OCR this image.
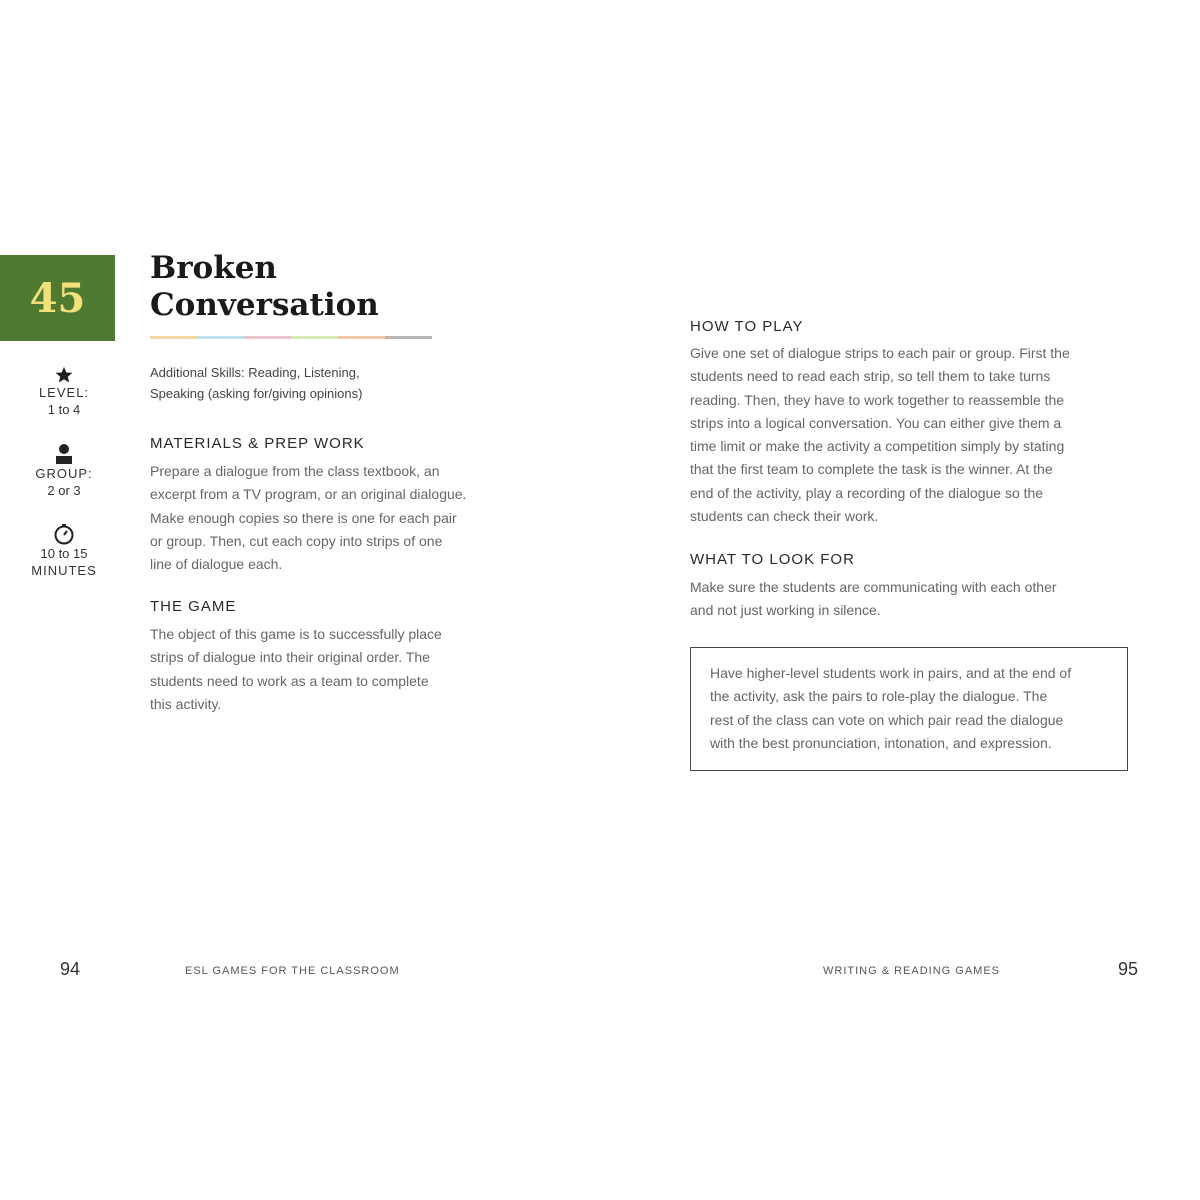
45
LEVEL:
1 to 4
GROUP:
2 or 3
10 to 15
MINUTES
Broken
Conversation
Additional Skills: Reading, Listening,
Speaking (asking for/giving opinions)
MATERIALS & PREP WORK
Prepare a dialogue from the class textbook, an
excerpt from a TV program, or an original dialogue.
Make enough copies so there is one for each pair
or group. Then, cut each copy into strips of one
line of dialogue each.
THE GAME
The object of this game is to successfully place
strips of dialogue into their original order. The
students need to work as a team to complete
this activity.
HOW TO PLAY
Give one set of dialogue strips to each pair or group. First the
students need to read each strip, so tell them to take turns
reading. Then, they have to work together to reassemble the
strips into a logical conversation. You can either give them a
time limit or make the activity a competition simply by stating
that the first team to complete the task is the winner. At the
end of the activity, play a recording of the dialogue so the
students can check their work.
WHAT TO LOOK FOR
Make sure the students are communicating with each other
and not just working in silence.
Have higher-level students work in pairs, and at the end of
the activity, ask the pairs to role-play the dialogue. The
rest of the class can vote on which pair read the dialogue
with the best pronunciation, intonation, and expression.
94	ESL GAMES FOR THE CLASSROOM	WRITING & READING GAMES	95
